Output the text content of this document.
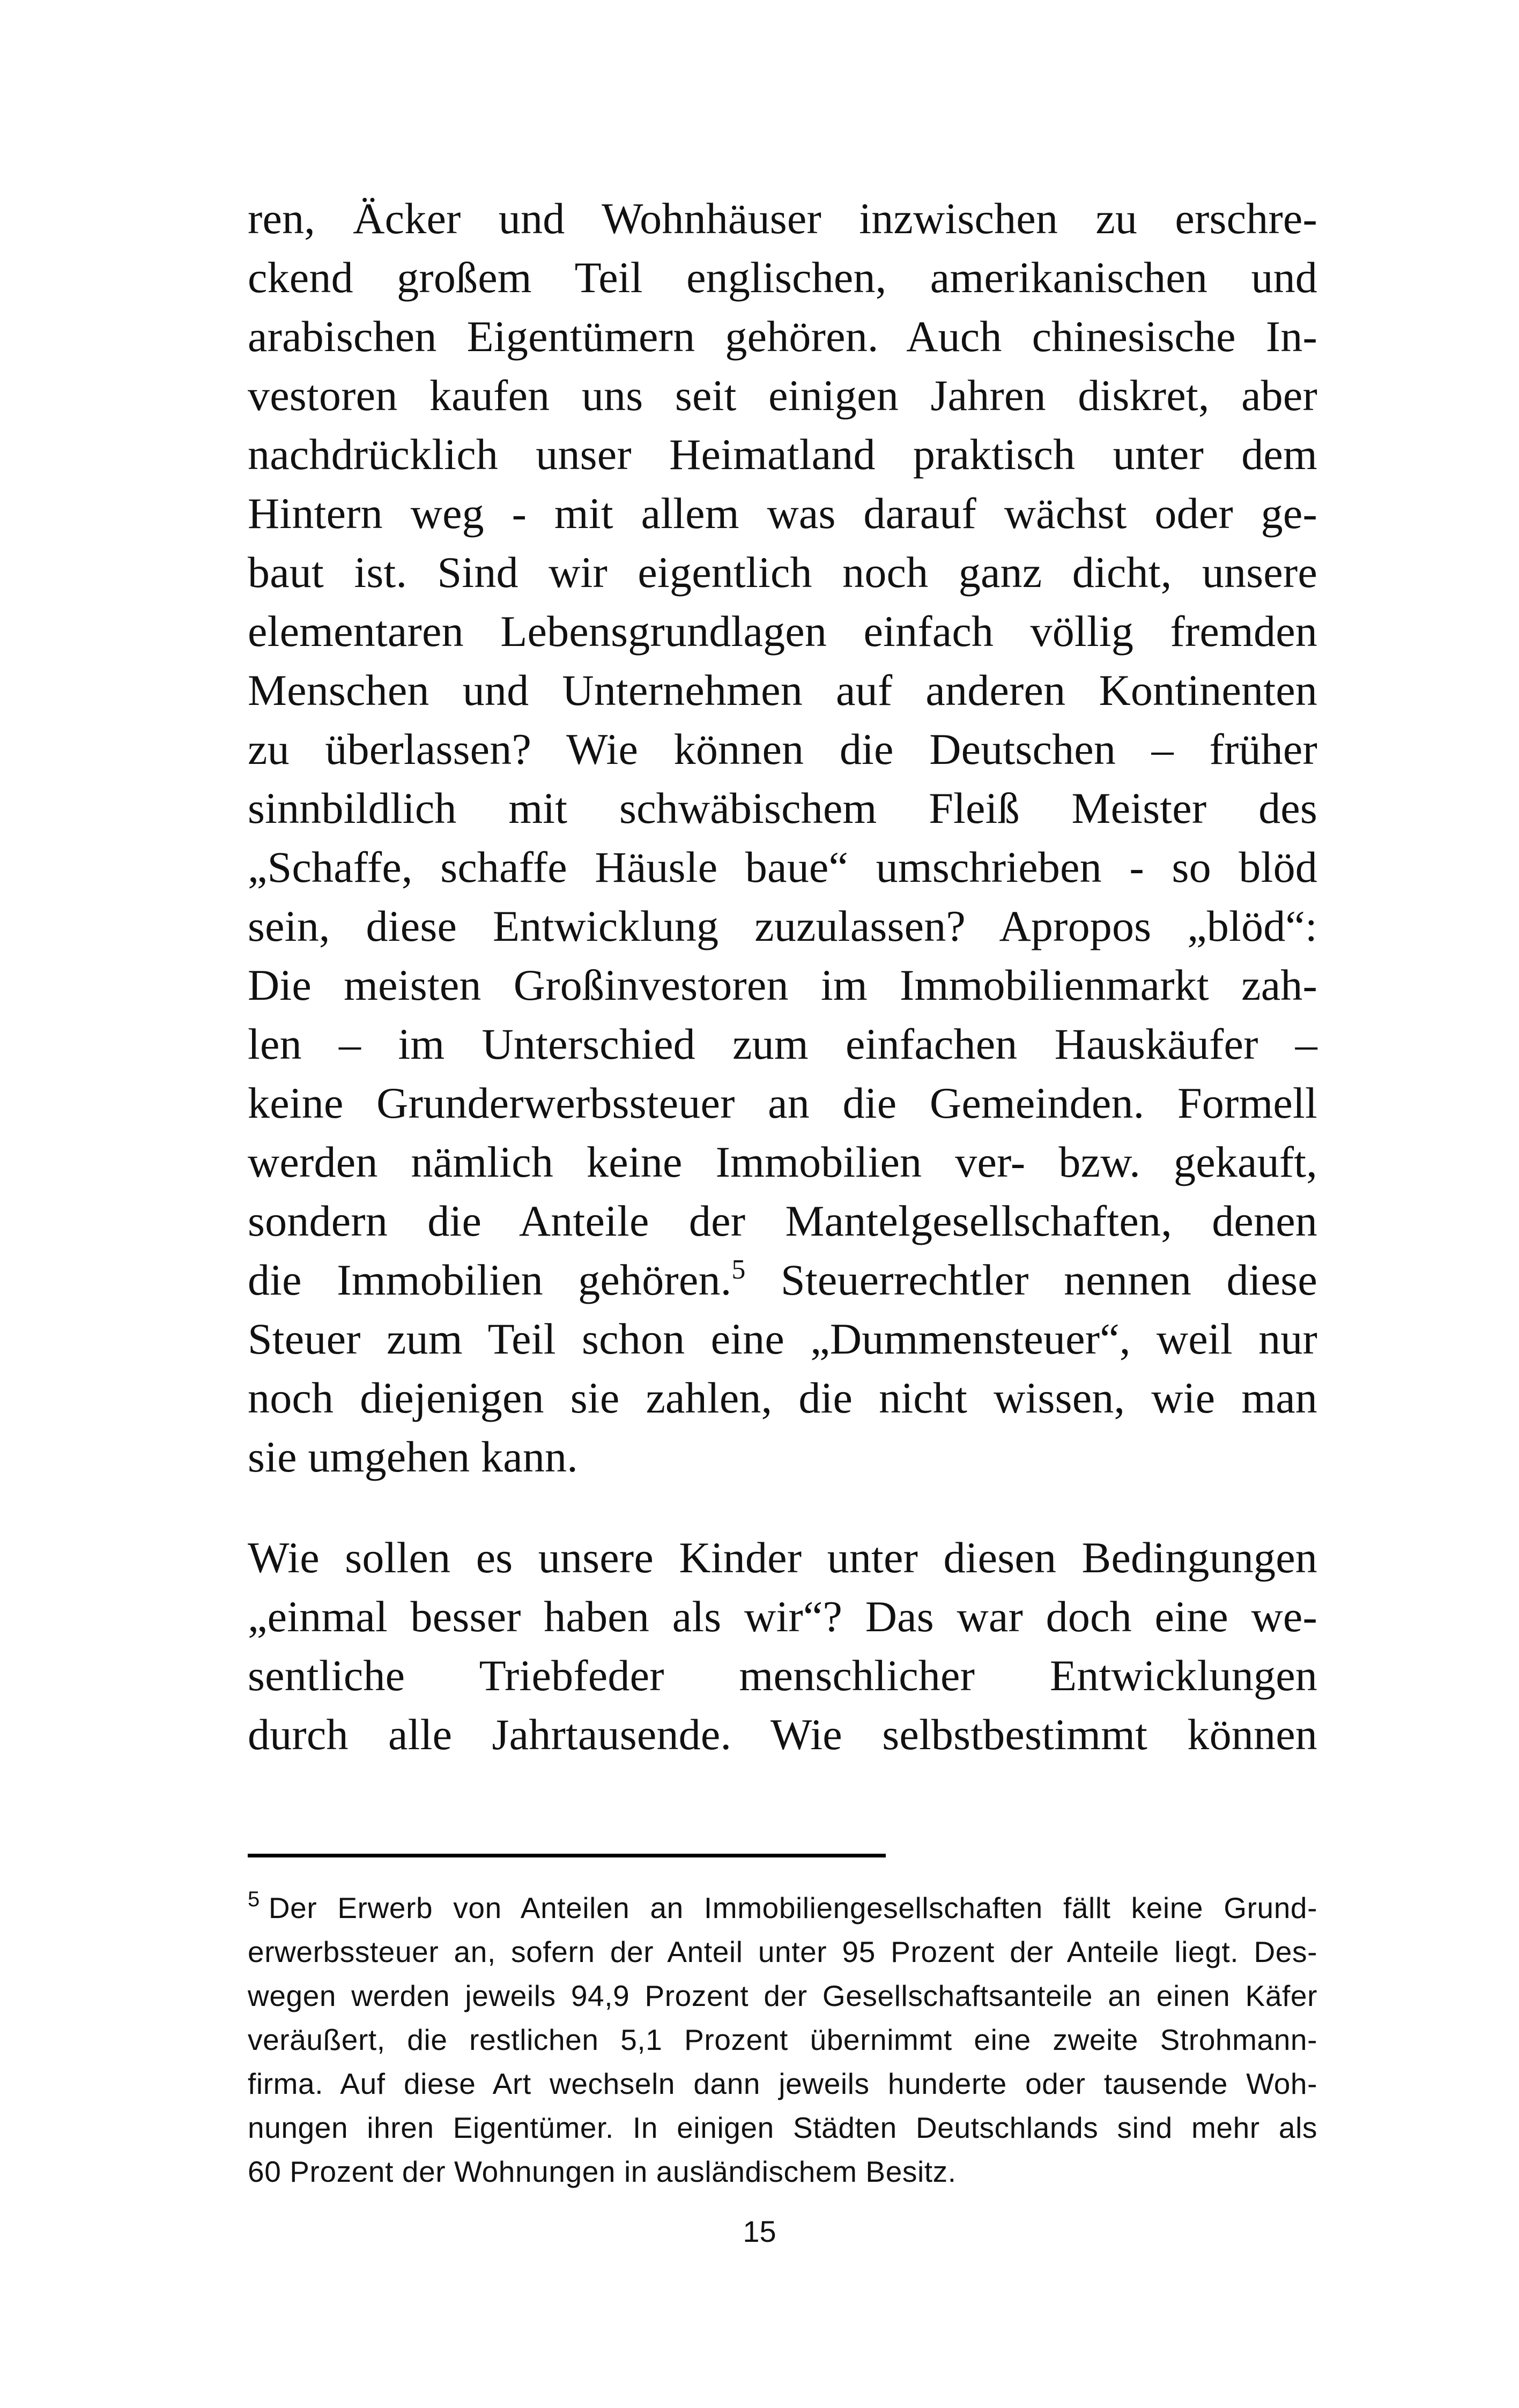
ren, Äcker und Wohnhäuser inzwischen zu erschre-
ckend großem Teil englischen, amerikanischen und
arabischen Eigentümern gehören. Auch chinesische In-
vestoren kaufen uns seit einigen Jahren diskret, aber
nachdrücklich unser Heimatland praktisch unter dem
Hintern weg - mit allem was darauf wächst oder ge-
baut ist. Sind wir eigentlich noch ganz dicht, unsere
elementaren Lebensgrundlagen einfach völlig fremden
Menschen und Unternehmen auf anderen Kontinenten
zu überlassen? Wie können die Deutschen – früher
sinnbildlich mit schwäbischem Fleiß Meister des
„Schaffe, schaffe Häusle baue“ umschrieben - so blöd
sein, diese Entwicklung zuzulassen? Apropos „blöd“:
Die meisten Großinvestoren im Immobilienmarkt zah-
len – im Unterschied zum einfachen Hauskäufer –
keine Grunderwerbssteuer an die Gemeinden. Formell
werden nämlich keine Immobilien ver- bzw. gekauft,
sondern die Anteile der Mantelgesellschaften, denen
die Immobilien gehören.$^5$ Steuerrechtler nennen diese
Steuer zum Teil schon eine „Dummensteuer“, weil nur
noch diejenigen sie zahlen, die nicht wissen, wie man
sie umgehen kann.
Wie sollen es unsere Kinder unter diesen Bedingungen
„einmal besser haben als wir“? Das war doch eine we-
sentliche Triebfeder menschlicher Entwicklungen
durch alle Jahrtausende. Wie selbstbestimmt können
$^5$ Der Erwerb von Anteilen an Immobiliengesellschaften fällt keine Grund-
erwerbssteuer an, sofern der Anteil unter 95 Prozent der Anteile liegt. Des-
wegen werden jeweils 94,9 Prozent der Gesellschaftsanteile an einen Käfer
veräußert, die restlichen 5,1 Prozent übernimmt eine zweite Strohmann-
firma. Auf diese Art wechseln dann jeweils hunderte oder tausende Woh-
nungen ihren Eigentümer. In einigen Städten Deutschlands sind mehr als
60 Prozent der Wohnungen in ausländischem Besitz.
15
